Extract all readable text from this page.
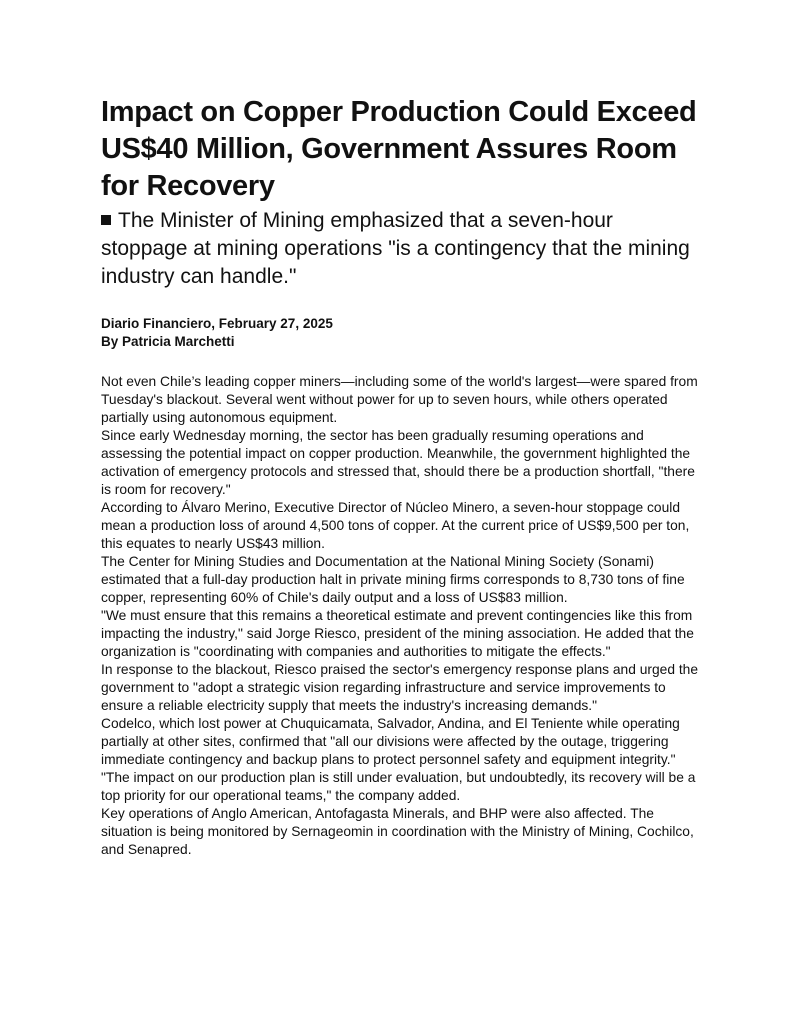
Impact on Copper Production Could Exceed US$40 Million, Government Assures Room for Recovery
The Minister of Mining emphasized that a seven-hour stoppage at mining operations "is a contingency that the mining industry can handle."
Diario Financiero, February 27, 2025
By Patricia Marchetti

Not even Chile’s leading copper miners—including some of the world's largest—were spared from Tuesday's blackout. Several went without power for up to seven hours, while others operated partially using autonomous equipment.

Since early Wednesday morning, the sector has been gradually resuming operations and assessing the potential impact on copper production. Meanwhile, the government highlighted the activation of emergency protocols and stressed that, should there be a production shortfall, "there is room for recovery."

According to Álvaro Merino, Executive Director of Núcleo Minero, a seven-hour stoppage could mean a production loss of around 4,500 tons of copper. At the current price of US$9,500 per ton, this equates to nearly US$43 million.

The Center for Mining Studies and Documentation at the National Mining Society (Sonami) estimated that a full-day production halt in private mining firms corresponds to 8,730 tons of fine copper, representing 60% of Chile's daily output and a loss of US$83 million.

"We must ensure that this remains a theoretical estimate and prevent contingencies like this from impacting the industry," said Jorge Riesco, president of the mining association. He added that the organization is "coordinating with companies and authorities to mitigate the effects."

In response to the blackout, Riesco praised the sector's emergency response plans and urged the government to "adopt a strategic vision regarding infrastructure and service improvements to ensure a reliable electricity supply that meets the industry's increasing demands."

Codelco, which lost power at Chuquicamata, Salvador, Andina, and El Teniente while operating partially at other sites, confirmed that "all our divisions were affected by the outage, triggering immediate contingency and backup plans to protect personnel safety and equipment integrity."

"The impact on our production plan is still under evaluation, but undoubtedly, its recovery will be a top priority for our operational teams," the company added.

Key operations of Anglo American, Antofagasta Minerals, and BHP were also affected. The situation is being monitored by Sernageomin in coordination with the Ministry of Mining, Cochilco, and Senapred.
